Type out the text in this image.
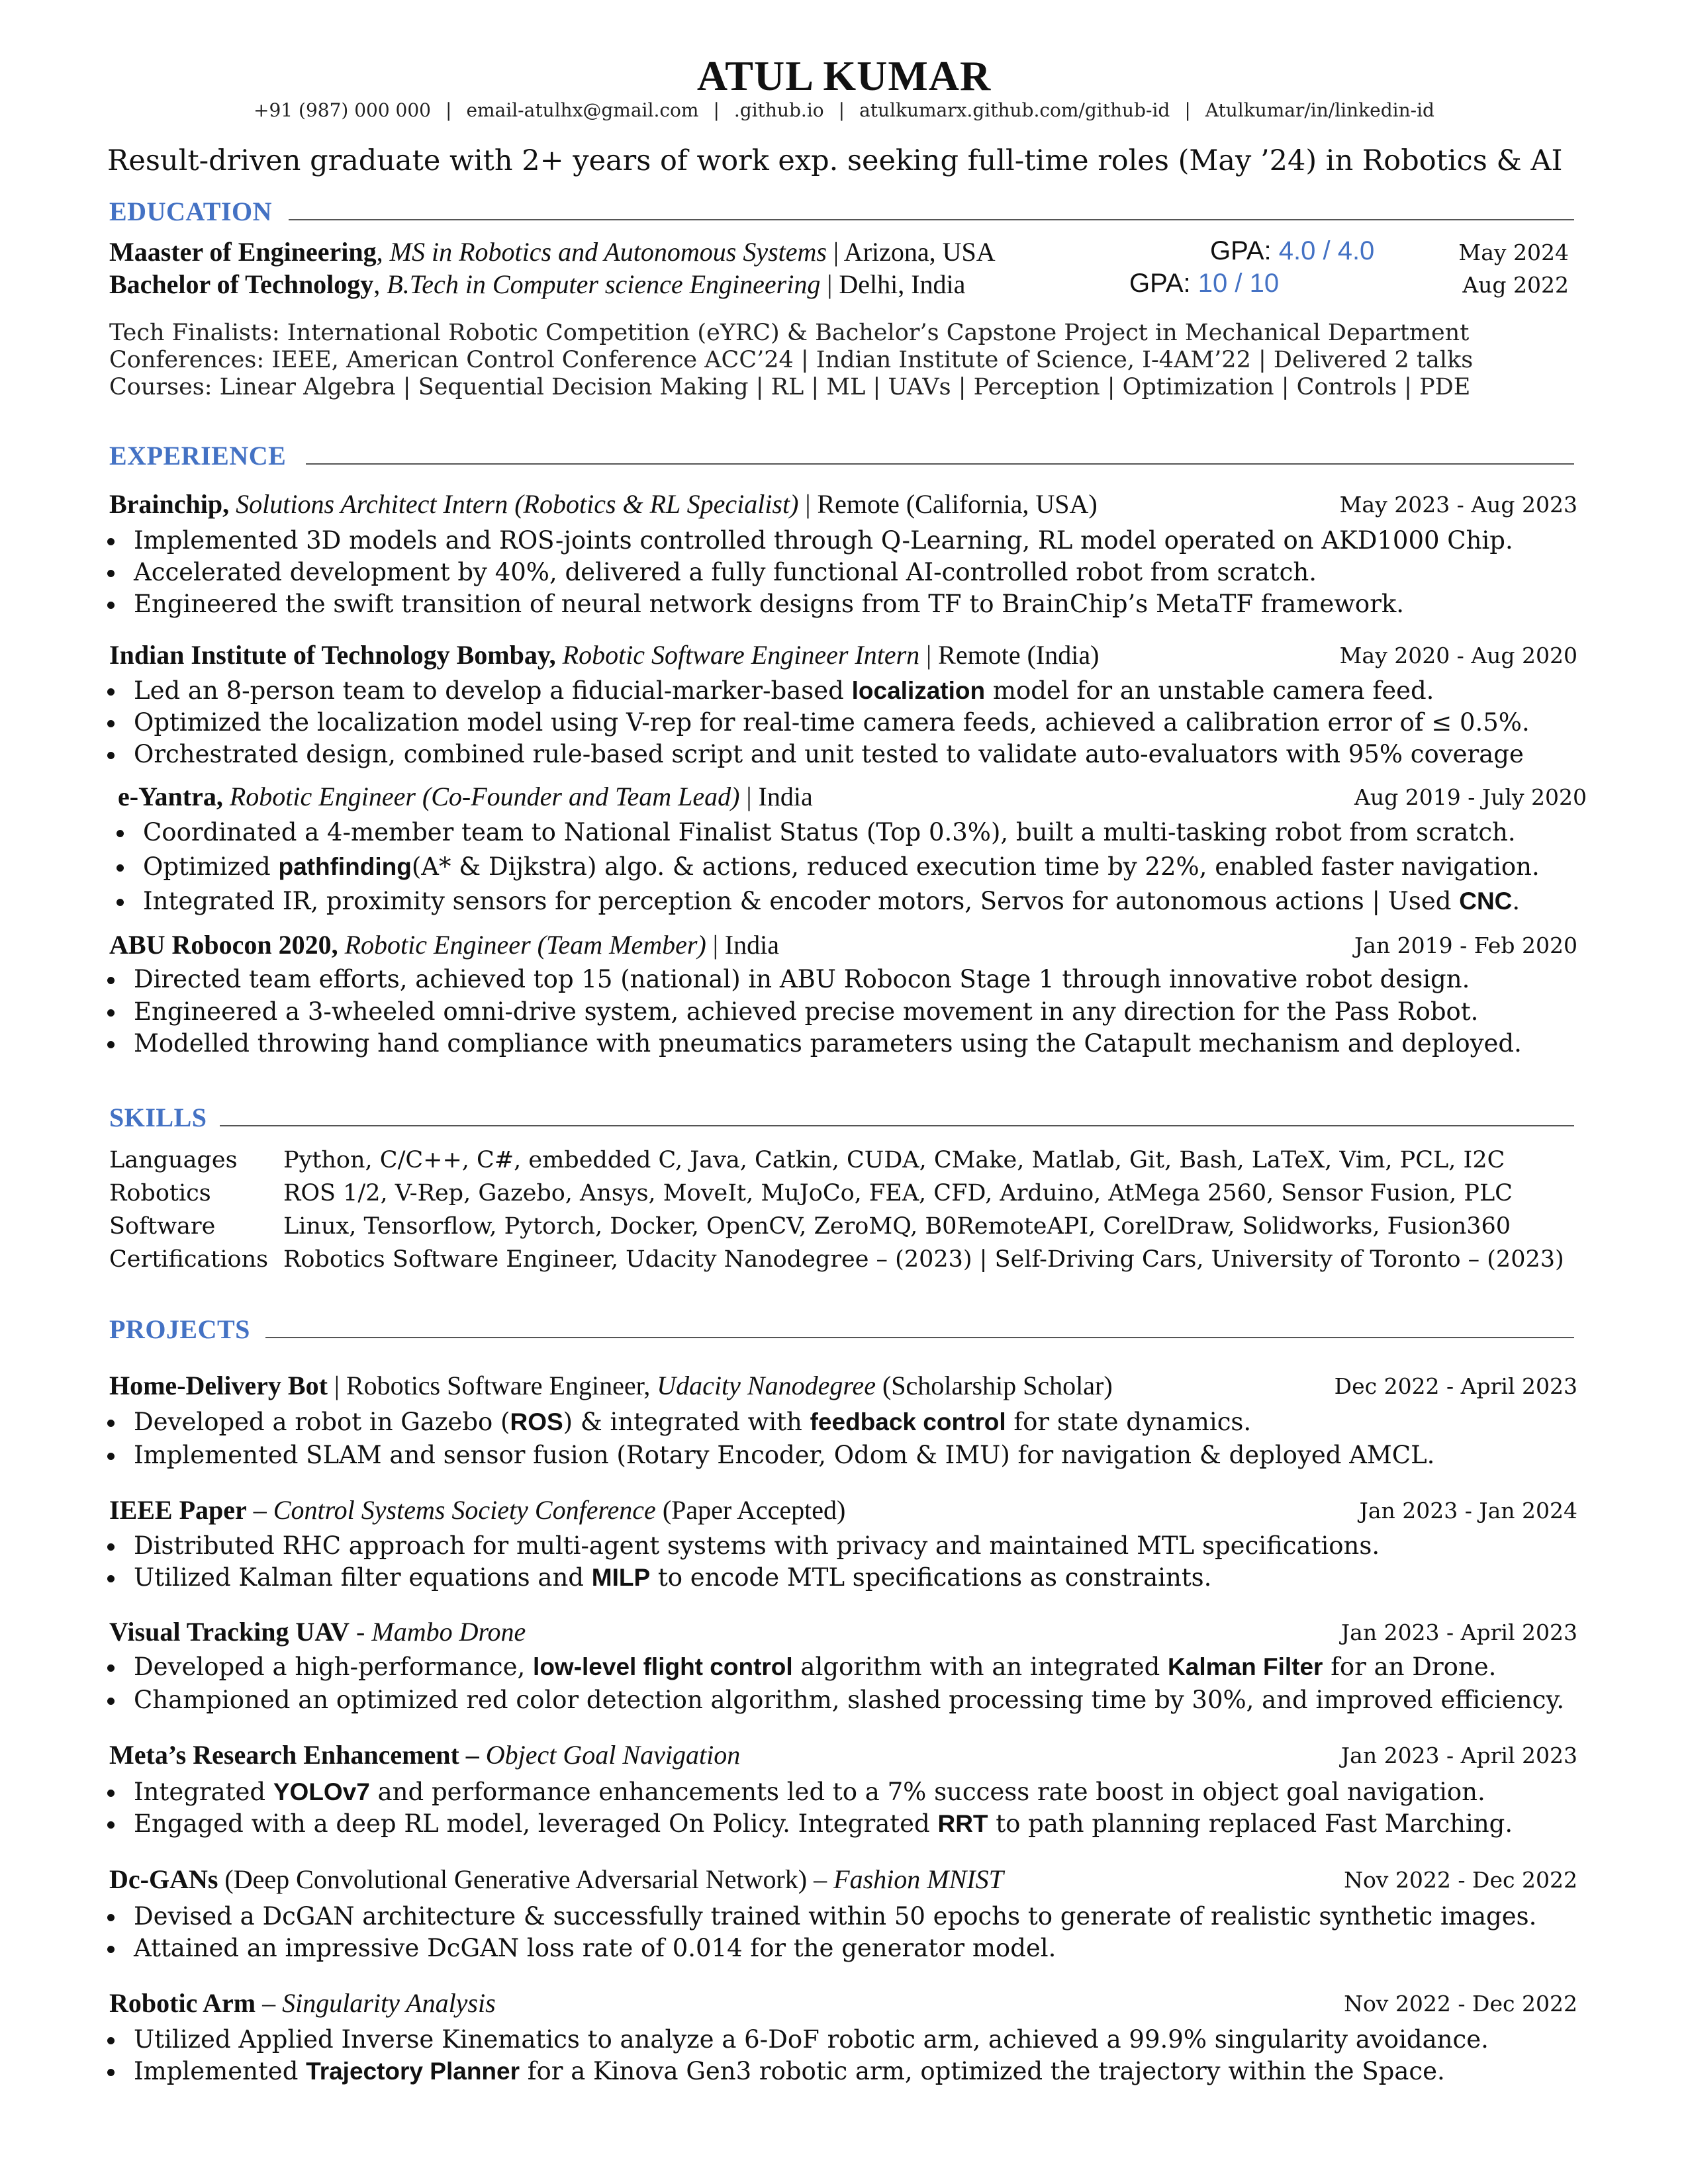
ATUL KUMAR
+91 (987) 000 000 | email-atulhx@gmail.com | .github.io | atulkumarx.github.com/github-id | Atulkumar/in/linkedin-id
Result-driven graduate with 2+ years of work exp. seeking full-time roles (May ’24) in Robotics & AI
EDUCATION
Maaster of Engineering, MS in Robotics and Autonomous Systems | Arizona, USA	GPA: 4.0 / 4.0	May 2024
Bachelor of Technology, B.Tech in Computer science Engineering | Delhi, India	GPA: 10 / 10	Aug 2022
Tech Finalists: International Robotic Competition (eYRC) & Bachelor’s Capstone Project in Mechanical Department
Conferences: IEEE, American Control Conference ACC’24 | Indian Institute of Science, I-4AM’22 | Delivered 2 talks
Courses: Linear Algebra | Sequential Decision Making | RL | ML | UAVs | Perception | Optimization | Controls | PDE
EXPERIENCE
Brainchip, Solutions Architect Intern (Robotics & RL Specialist) | Remote (California, USA)	May 2023 - Aug 2023
Implemented 3D models and ROS-joints controlled through Q-Learning, RL model operated on AKD1000 Chip.
Accelerated development by 40%, delivered a fully functional AI-controlled robot from scratch.
Engineered the swift transition of neural network designs from TF to BrainChip’s MetaTF framework.
Indian Institute of Technology Bombay, Robotic Software Engineer Intern | Remote (India)	May 2020 - Aug 2020
Led an 8-person team to develop a fiducial-marker-based localization model for an unstable camera feed.
Optimized the localization model using V-rep for real-time camera feeds, achieved a calibration error of ≤ 0.5%.
Orchestrated design, combined rule-based script and unit tested to validate auto-evaluators with 95% coverage
e-Yantra, Robotic Engineer (Co-Founder and Team Lead) | India	Aug 2019 - July 2020
Coordinated a 4-member team to National Finalist Status (Top 0.3%), built a multi-tasking robot from scratch.
Optimized pathfinding(A* & Dijkstra) algo. & actions, reduced execution time by 22%, enabled faster navigation.
Integrated IR, proximity sensors for perception & encoder motors, Servos for autonomous actions | Used CNC.
ABU Robocon 2020, Robotic Engineer (Team Member) | India	Jan 2019 - Feb 2020
Directed team efforts, achieved top 15 (national) in ABU Robocon Stage 1 through innovative robot design.
Engineered a 3-wheeled omni-drive system, achieved precise movement in any direction for the Pass Robot.
Modelled throwing hand compliance with pneumatics parameters using the Catapult mechanism and deployed.
SKILLS
Languages Python, C/C++, C#, embedded C, Java, Catkin, CUDA, CMake, Matlab, Git, Bash, LaTeX, Vim, PCL, I2C
Robotics	ROS 1/2, V-Rep, Gazebo, Ansys, MoveIt, MuJoCo, FEA, CFD, Arduino, AtMega 2560, Sensor Fusion, PLC
Software	Linux, Tensorflow, Pytorch, Docker, OpenCV, ZeroMQ, B0RemoteAPI, CorelDraw, Solidworks, Fusion360
Certifications Robotics Software Engineer, Udacity Nanodegree – (2023) | Self-Driving Cars, University of Toronto – (2023)
PROJECTS
Home-Delivery Bot | Robotics Software Engineer, Udacity Nanodegree (Scholarship Scholar)	Dec 2022 - April 2023
Developed a robot in Gazebo (ROS) & integrated with feedback control for state dynamics.
Implemented SLAM and sensor fusion (Rotary Encoder, Odom & IMU) for navigation & deployed AMCL.
IEEE Paper – Control Systems Society Conference (Paper Accepted)	Jan 2023 - Jan 2024
Distributed RHC approach for multi-agent systems with privacy and maintained MTL specifications.
Utilized Kalman filter equations and MILP to encode MTL specifications as constraints.
Visual Tracking UAV - Mambo Drone	Jan 2023 - April 2023
Developed a high-performance, low-level flight control algorithm with an integrated Kalman Filter for an Drone.
Championed an optimized red color detection algorithm, slashed processing time by 30%, and improved efficiency.
Meta’s Research Enhancement – Object Goal Navigation	Jan 2023 - April 2023
Integrated YOLOv7 and performance enhancements led to a 7% success rate boost in object goal navigation.
Engaged with a deep RL model, leveraged On Policy. Integrated RRT to path planning replaced Fast Marching.
Dc-GANs (Deep Convolutional Generative Adversarial Network) – Fashion MNIST	Nov 2022 - Dec 2022
Devised a DcGAN architecture & successfully trained within 50 epochs to generate of realistic synthetic images.
Attained an impressive DcGAN loss rate of 0.014 for the generator model.
Robotic Arm – Singularity Analysis	Nov 2022 - Dec 2022
Utilized Applied Inverse Kinematics to analyze a 6-DoF robotic arm, achieved a 99.9% singularity avoidance.
Implemented Trajectory Planner for a Kinova Gen3 robotic arm, optimized the trajectory within the Space.
